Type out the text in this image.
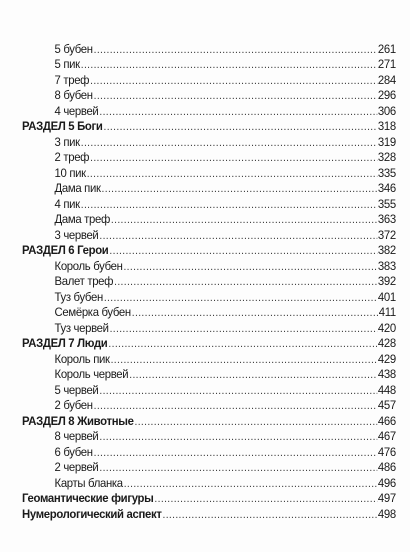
5 бубен .....	261
5 пик .....	271
7 треф .....	284
8 бубен .....	296
4 червей .....	306
РАЗДЕЛ 5 Боги .....	318
3 пик .....	319
2 треф .....	328
10 пик .....	335
Дама пик .....	346
4 пик .....	355
Дама треф .....	363
3 червей .....	372
РАЗДЕЛ 6 Герои .....	382
Король бубен .....	383
Валет треф .....	392
Туз бубен .....	401
Семёрка бубен .....	411
Туз червей .....	420
РАЗДЕЛ 7 Люди .....	428
Король пик .....	429
Король червей .....	438
5 червей .....	448
2 бубен .....	457
РАЗДЕЛ 8 Животные .....	466
8 червей .....	467
6 бубен .....	476
2 червей .....	486
Карты бланка .....	496
Геомантические фигуры .....	497
Нумерологический аспект .....	498
